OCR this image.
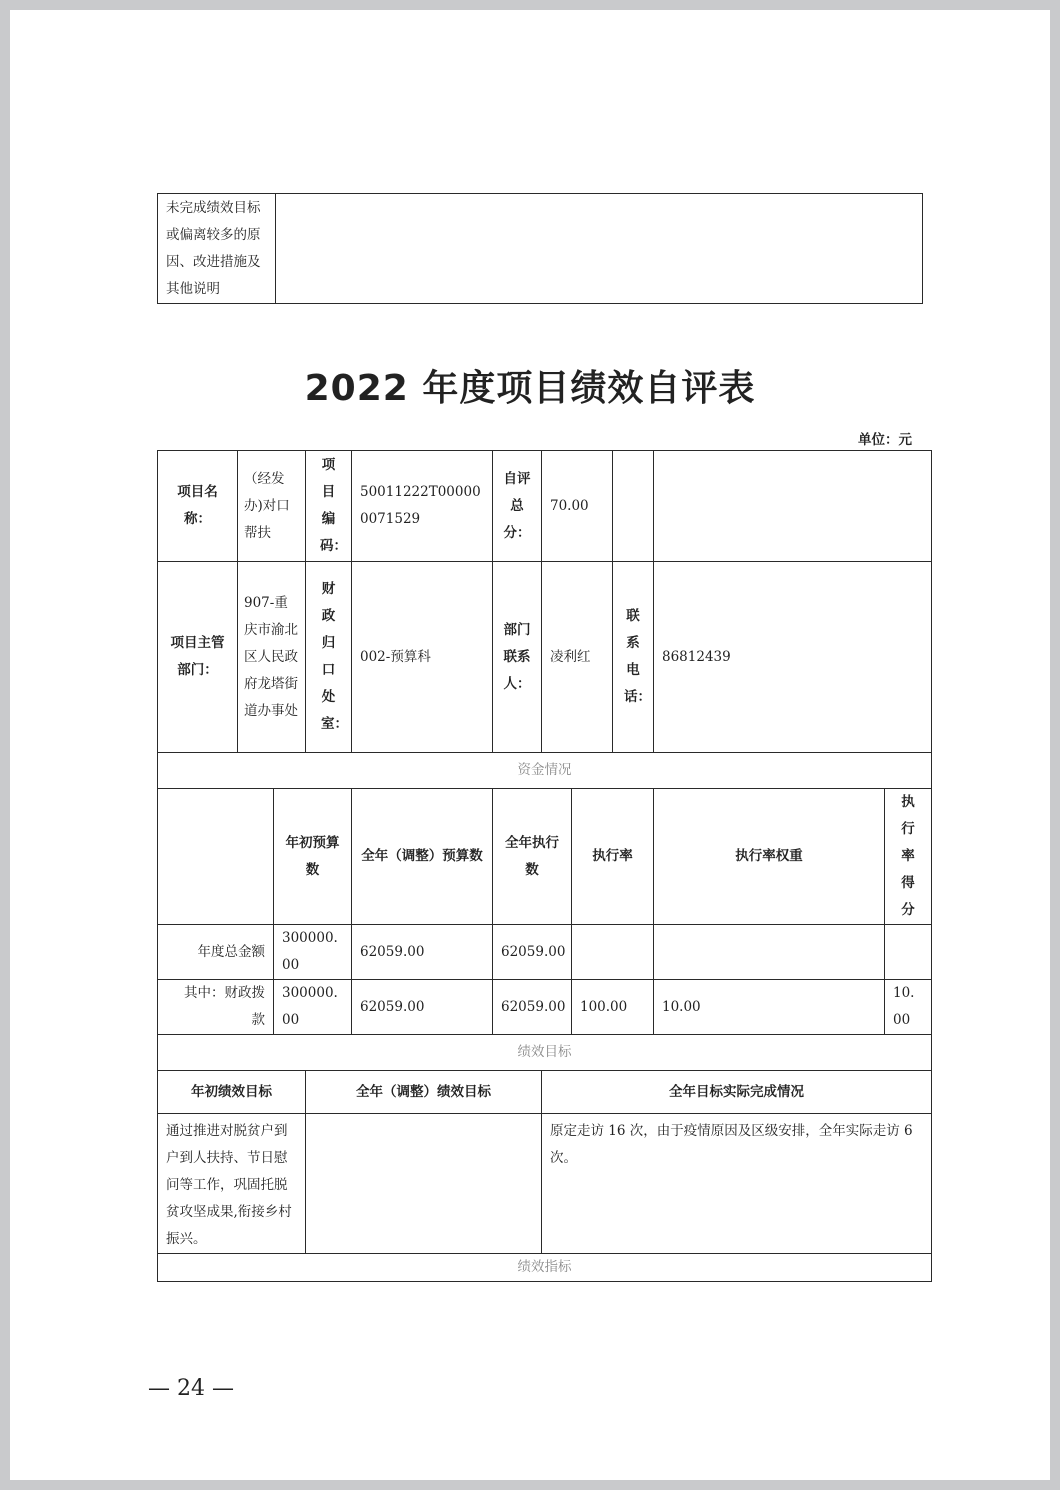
未完成绩效目标或偏离较多的原因、改进措施及其他说明	
2022 年度项目绩效自评表
单位：元
项目名称：	（经发办)对口帮扶		项目编码：	50011222T000000071529	自评总分：	70.00				
项目主管部门：	907-重庆市渝北区人民政府龙塔街道办事处		财政归口处室：	002-预算科	部门联系人：	凌利红		联系电话：	86812439	
资金情况										
		年初预算数		全年（调整）预算数	全年执行数		执行率		执行率权重	执行率得分
年度总金额		300000.00		62059.00	62059.00					
其中：财政拨款		300000.00		62059.00	62059.00		100.00		10.00	10.00
绩效目标										
年初绩效目标			全年（调整）绩效目标			全年目标实际完成情况				
通过推进对脱贫户到户到人扶持、节日慰问等工作，巩固托脱贫攻坚成果,衔接乡村振兴。						原定走访 16 次，由于疫情原因及区级安排，全年实际走访 6 次。				
绩效指标										
— 24 —
